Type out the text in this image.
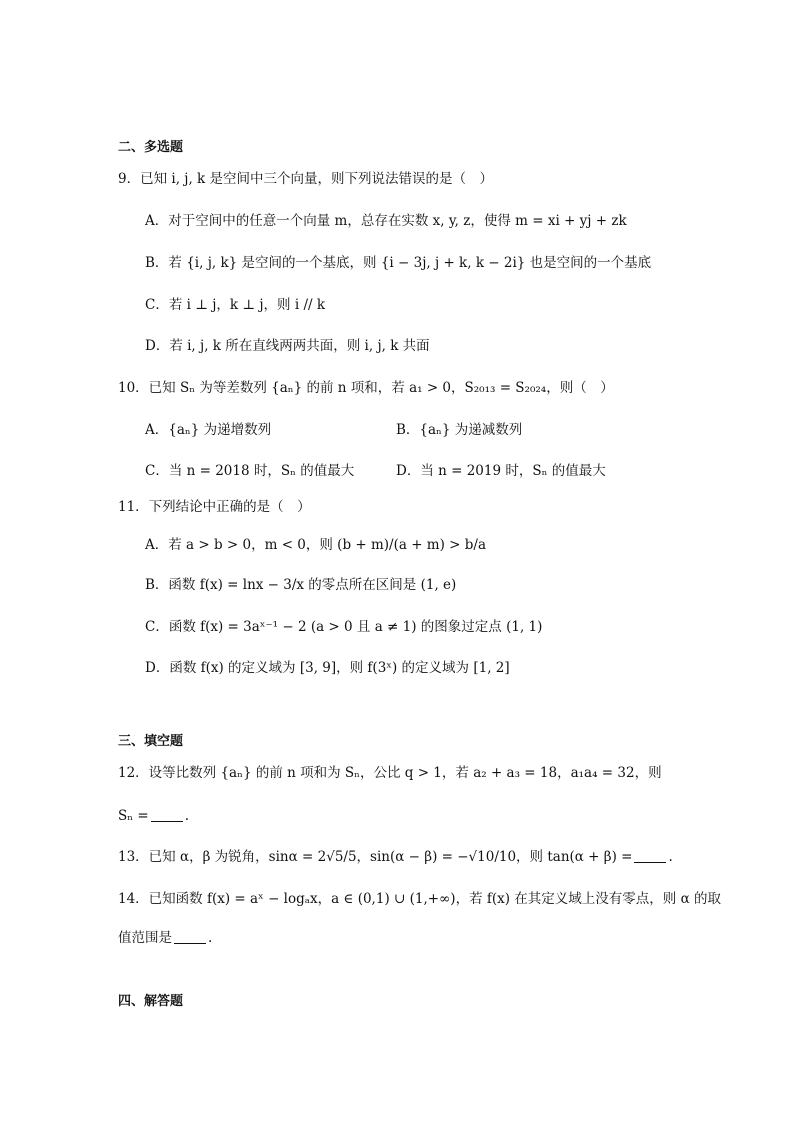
二、多选题
9．已知 i, j, k 是空间中三个向量，则下列说法错误的是（　）
A．对于空间中的任意一个向量 m，总存在实数 x, y, z，使得 m = xi + yj + zk
B．若 {i, j, k} 是空间的一个基底，则 {i − 3j, j + k, k − 2i} 也是空间的一个基底
C．若 i ⊥ j，k ⊥ j，则 i // k
D．若 i, j, k 所在直线两两共面，则 i, j, k 共面
10．已知 Sₙ 为等差数列 {aₙ} 的前 n 项和，若 a₁ > 0，S₂₀₁₃ = S₂₀₂₄，则（　）
A．{aₙ} 为递增数列	B．{aₙ} 为递减数列
C．当 n = 2018 时，Sₙ 的值最大	D．当 n = 2019 时，Sₙ 的值最大
11．下列结论中正确的是（　）
A．若 a > b > 0，m < 0，则 (b + m)/(a + m) > b/a
B．函数 f(x) = lnx − 3/x 的零点所在区间是 (1, e)
C．函数 f(x) = 3aˣ⁻¹ − 2 (a > 0 且 a ≠ 1) 的图象过定点 (1, 1)
D．函数 f(x) 的定义域为 [3, 9]，则 f(3ˣ) 的定义域为 [1, 2]
三、填空题
12．设等比数列 {aₙ} 的前 n 项和为 Sₙ，公比 q > 1，若 a₂ + a₃ = 18，a₁a₄ = 32，则
Sₙ =	.
13．已知 α，β 为锐角，sinα = 2√5/5，sin(α − β) = −√10/10，则 tan(α + β) =	.
14．已知函数 f(x) = aˣ − logₐx，a ∈ (0,1) ∪ (1,+∞)，若 f(x) 在其定义域上没有零点，则 α 的取
值范围是	.
四、解答题
